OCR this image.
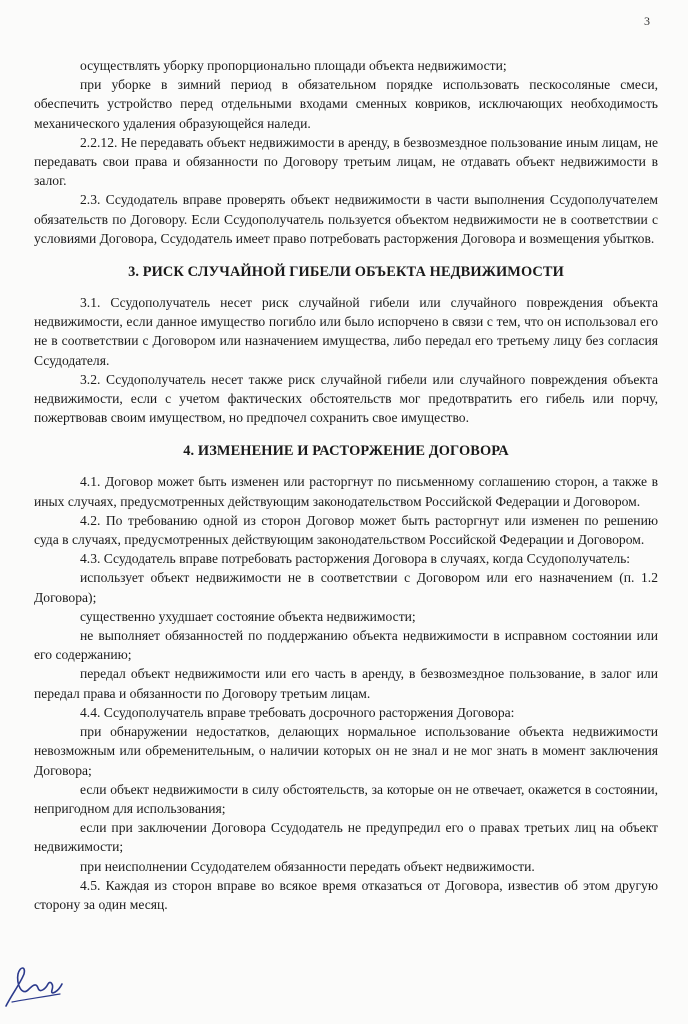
3

осуществлять уборку пропорционально площади объекта недвижимости;

при уборке в зимний период в обязательном порядке использовать пескосоляные смеси, обеспечить устройство перед отдельными входами сменных ковриков, исключающих необходимость механического удаления образующейся наледи.

2.2.12. Не передавать объект недвижимости в аренду, в безвозмездное пользование иным лицам, не передавать свои права и обязанности по Договору третьим лицам, не отдавать объект недвижимости в залог.

2.3. Ссудодатель вправе проверять объект недвижимости в части выполнения Ссудополучателем обязательств по Договору. Если Ссудополучатель пользуется объектом недвижимости не в соответствии с условиями Договора, Ссудодатель имеет право потребовать расторжения Договора и возмещения убытков.

3. РИСК СЛУЧАЙНОЙ ГИБЕЛИ ОБЪЕКТА НЕДВИЖИМОСТИ

3.1. Ссудополучатель несет риск случайной гибели или случайного повреждения объекта недвижимости, если данное имущество погибло или было испорчено в связи с тем, что он использовал его не в соответствии с Договором или назначением имущества, либо передал его третьему лицу без согласия Ссудодателя.

3.2. Ссудополучатель несет также риск случайной гибели или случайного повреждения объекта недвижимости, если с учетом фактических обстоятельств мог предотвратить его гибель или порчу, пожертвовав своим имуществом, но предпочел сохранить свое имущество.

4. ИЗМЕНЕНИЕ И РАСТОРЖЕНИЕ ДОГОВОРА

4.1. Договор может быть изменен или расторгнут по письменному соглашению сторон, а также в иных случаях, предусмотренных действующим законодательством Российской Федерации и Договором.

4.2. По требованию одной из сторон Договор может быть расторгнут или изменен по решению суда в случаях, предусмотренных действующим законодательством Российской Федерации и Договором.

4.3. Ссудодатель вправе потребовать расторжения Договора в случаях, когда Ссудополучатель:

использует объект недвижимости не в соответствии с Договором или его назначением (п. 1.2 Договора);

существенно ухудшает состояние объекта недвижимости;

не выполняет обязанностей по поддержанию объекта недвижимости в исправном состоянии или его содержанию;

передал объект недвижимости или его часть в аренду, в безвозмездное пользование, в залог или передал права и обязанности по Договору третьим лицам.

4.4. Ссудополучатель вправе требовать досрочного расторжения Договора:

при обнаружении недостатков, делающих нормальное использование объекта недвижимости невозможным или обременительным, о наличии которых он не знал и не мог знать в момент заключения Договора;

если объект недвижимости в силу обстоятельств, за которые он не отвечает, окажется в состоянии, непригодном для использования;

если при заключении Договора Ссудодатель не предупредил его о правах третьих лиц на объект недвижимости;

при неисполнении Ссудодателем обязанности передать объект недвижимости.

4.5. Каждая из сторон вправе во всякое время отказаться от Договора, известив об этом другую сторону за один месяц.
